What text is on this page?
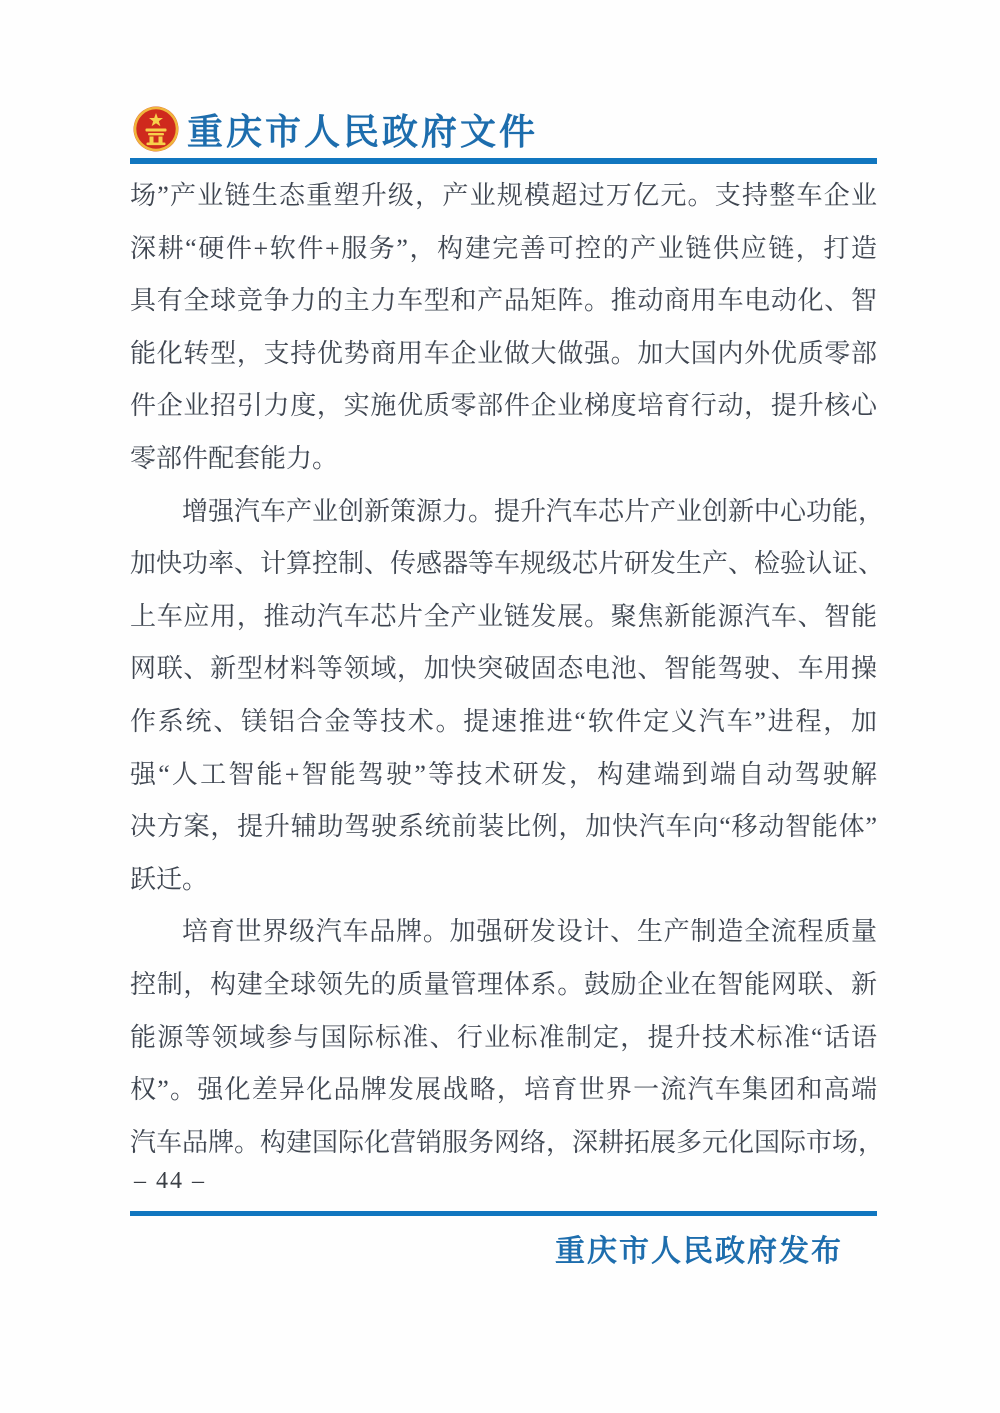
重庆市人民政府文件
场”产业链生态重塑升级，产业规模超过万亿元。支持整车企业
深耕“硬件+软件+服务”，构建完善可控的产业链供应链，打造
具有全球竞争力的主力车型和产品矩阵。推动商用车电动化、智
能化转型，支持优势商用车企业做大做强。加大国内外优质零部
件企业招引力度，实施优质零部件企业梯度培育行动，提升核心
零部件配套能力。
增强汽车产业创新策源力。提升汽车芯片产业创新中心功能，
加快功率、计算控制、传感器等车规级芯片研发生产、检验认证、
上车应用，推动汽车芯片全产业链发展。聚焦新能源汽车、智能
网联、新型材料等领域，加快突破固态电池、智能驾驶、车用操
作系统、镁铝合金等技术。提速推进“软件定义汽车”进程，加
强“人工智能+智能驾驶”等技术研发，构建端到端自动驾驶解
决方案，提升辅助驾驶系统前装比例，加快汽车向“移动智能体”
跃迁。
培育世界级汽车品牌。加强研发设计、生产制造全流程质量
控制，构建全球领先的质量管理体系。鼓励企业在智能网联、新
能源等领域参与国际标准、行业标准制定，提升技术标准“话语
权”。强化差异化品牌发展战略，培育世界一流汽车集团和高端
汽车品牌。构建国际化营销服务网络，深耕拓展多元化国际市场，
– 44 –
重庆市人民政府发布
